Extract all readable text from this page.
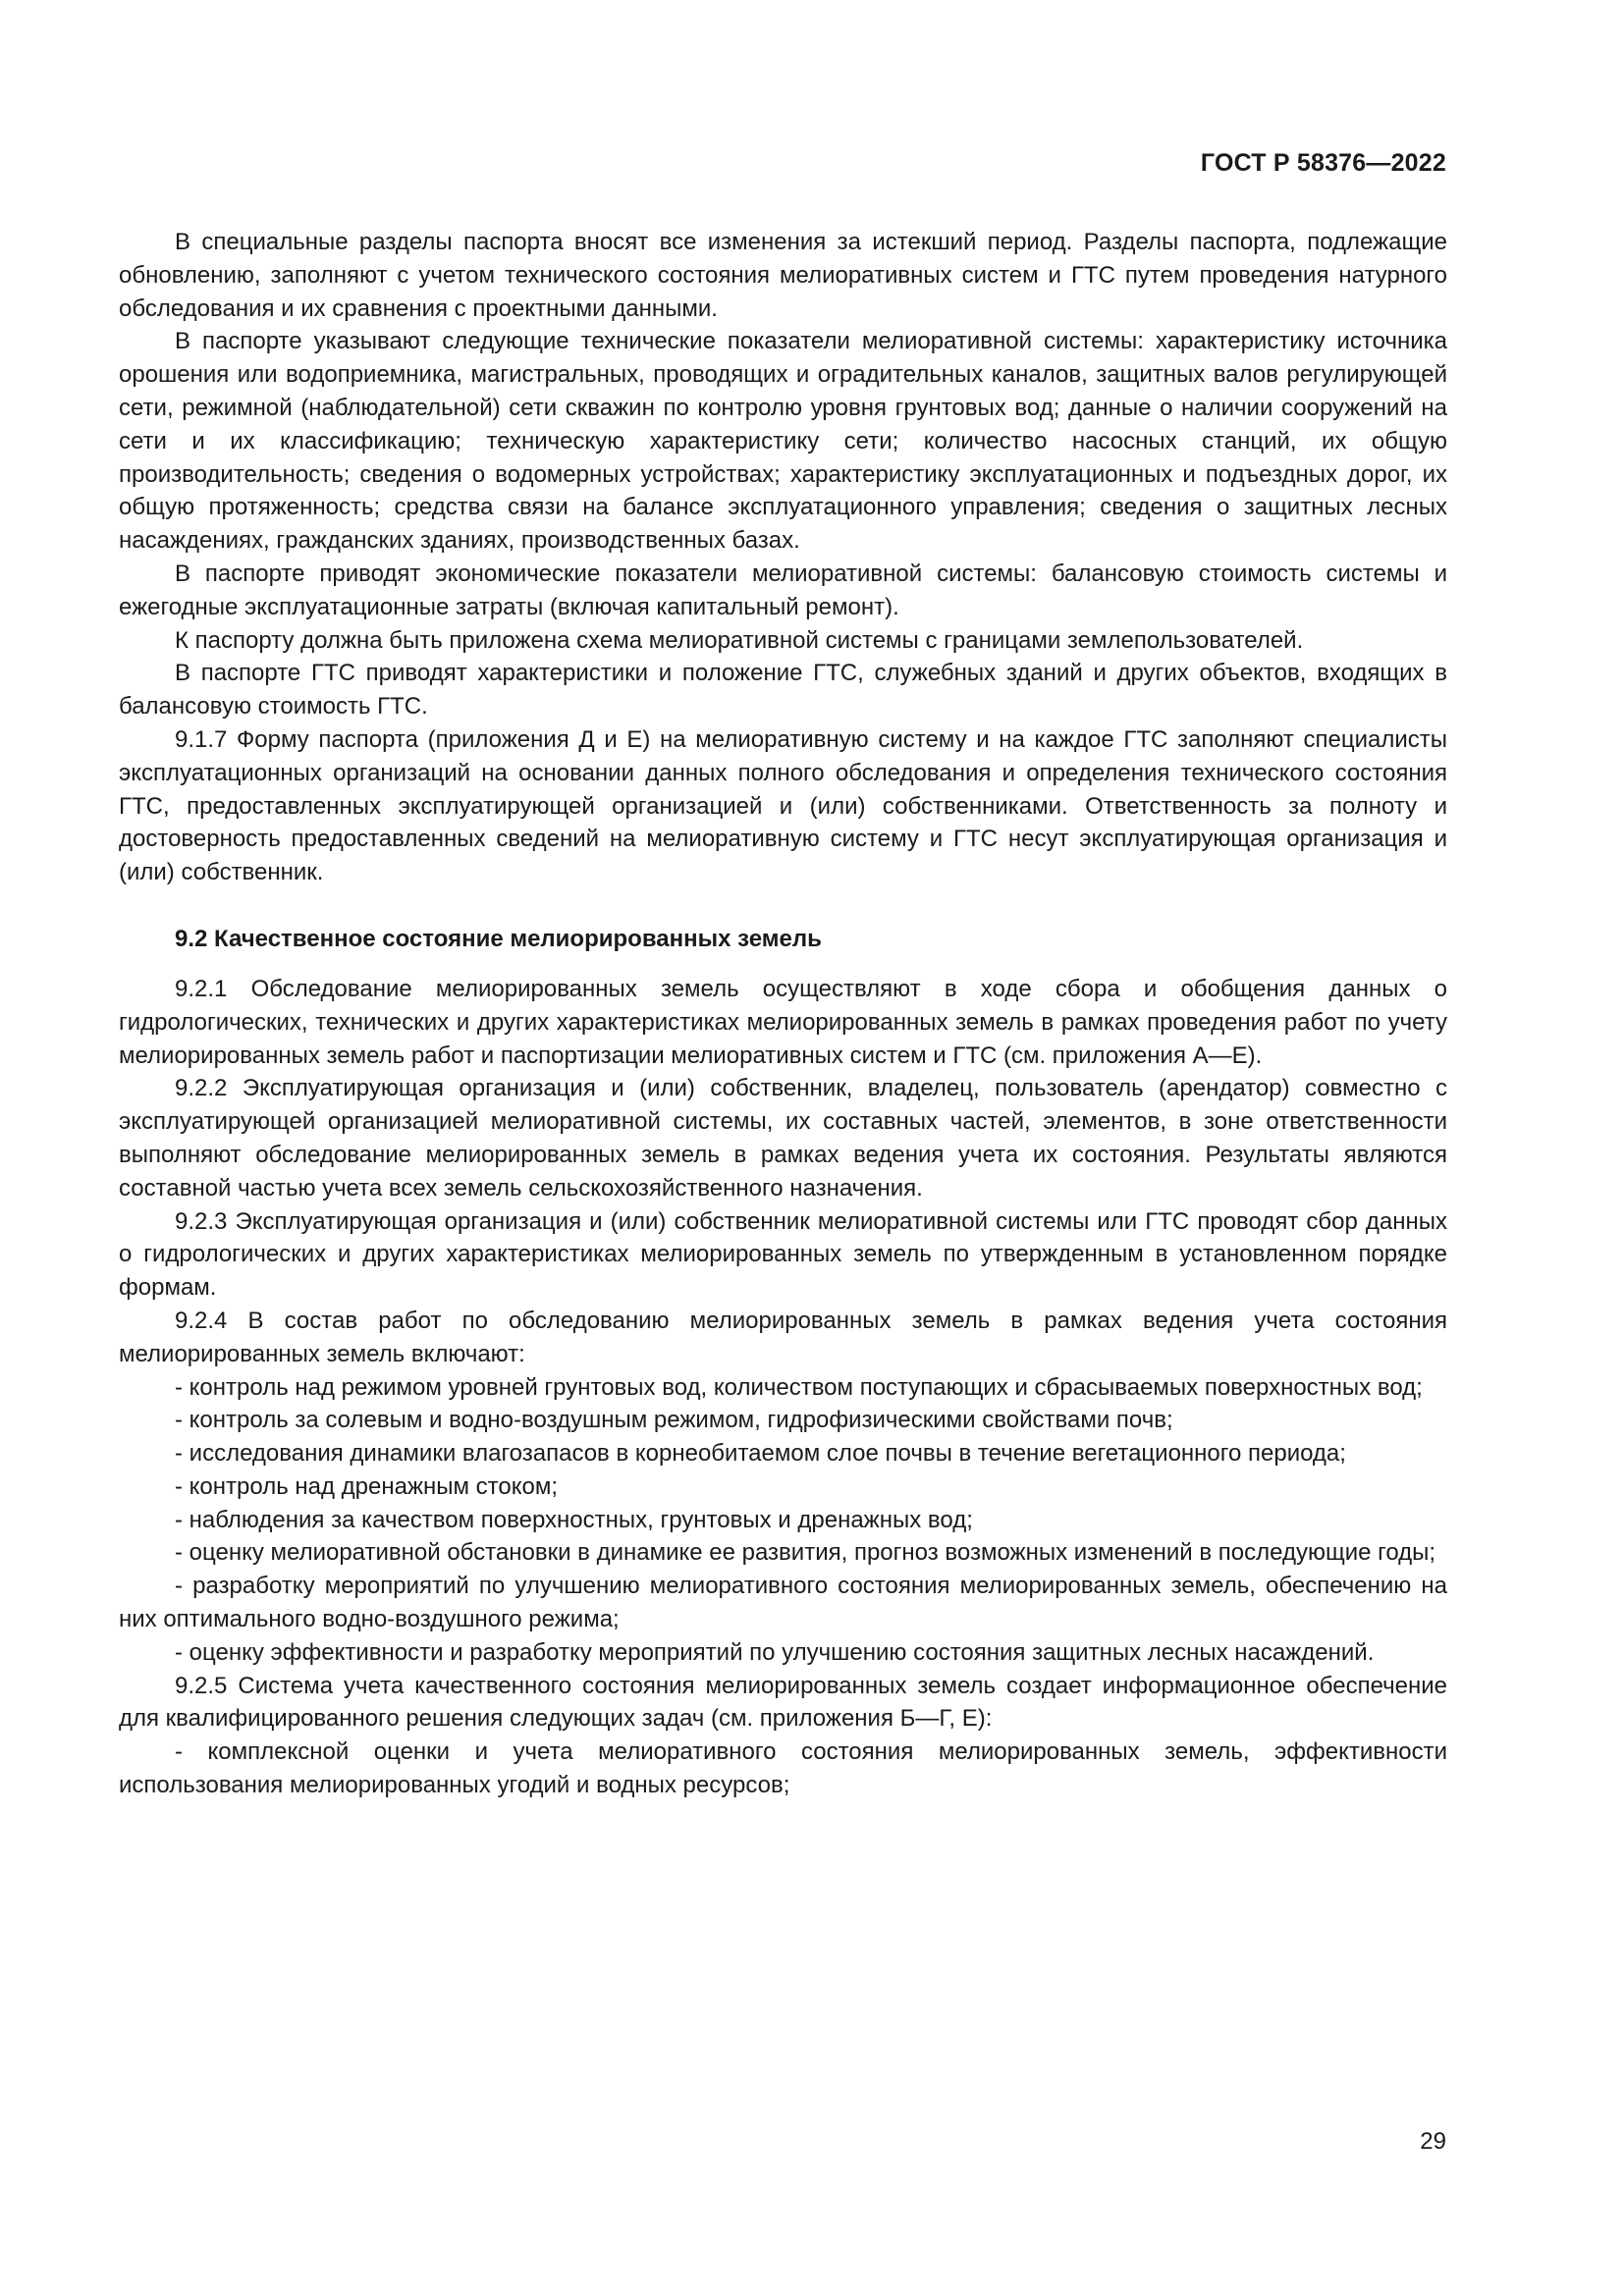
ГОСТ Р 58376—2022

В специальные разделы паспорта вносят все изменения за истекший период. Разделы паспорта, подлежащие обновлению, заполняют с учетом технического состояния мелиоративных систем и ГТС путем проведения натурного обследования и их сравнения с проектными данными.

В паспорте указывают следующие технические показатели мелиоративной системы: характеристику источника орошения или водоприемника, магистральных, проводящих и оградительных каналов, защитных валов регулирующей сети, режимной (наблюдательной) сети скважин по контролю уровня грунтовых вод; данные о наличии сооружений на сети и их классификацию; техническую характеристику сети; количество насосных станций, их общую производительность; сведения о водомерных устройствах; характеристику эксплуатационных и подъездных дорог, их общую протяженность; средства связи на балансе эксплуатационного управления; сведения о защитных лесных насаждениях, гражданских зданиях, производственных базах.

В паспорте приводят экономические показатели мелиоративной системы: балансовую стоимость системы и ежегодные эксплуатационные затраты (включая капитальный ремонт).

К паспорту должна быть приложена схема мелиоративной системы с границами землепользователей.

В паспорте ГТС приводят характеристики и положение ГТС, служебных зданий и других объектов, входящих в балансовую стоимость ГТС.

9.1.7 Форму паспорта (приложения Д и Е) на мелиоративную систему и на каждое ГТС заполняют специалисты эксплуатационных организаций на основании данных полного обследования и определения технического состояния ГТС, предоставленных эксплуатирующей организацией и (или) собственниками. Ответственность за полноту и достоверность предоставленных сведений на мелиоративную систему и ГТС несут эксплуатирующая организация и (или) собственник.

9.2 Качественное состояние мелиорированных земель

9.2.1 Обследование мелиорированных земель осуществляют в ходе сбора и обобщения данных о гидрологических, технических и других характеристиках мелиорированных земель в рамках проведения работ по учету мелиорированных земель работ и паспортизации мелиоративных систем и ГТС (см. приложения А—Е).

9.2.2 Эксплуатирующая организация и (или) собственник, владелец, пользователь (арендатор) совместно с эксплуатирующей организацией мелиоративной системы, их составных частей, элементов, в зоне ответственности выполняют обследование мелиорированных земель в рамках ведения учета их состояния. Результаты являются составной частью учета всех земель сельскохозяйственного назначения.

9.2.3 Эксплуатирующая организация и (или) собственник мелиоративной системы или ГТС проводят сбор данных о гидрологических и других характеристиках мелиорированных земель по утвержденным в установленном порядке формам.

9.2.4 В состав работ по обследованию мелиорированных земель в рамках ведения учета состояния мелиорированных земель включают:

- контроль над режимом уровней грунтовых вод, количеством поступающих и сбрасываемых поверхностных вод;

- контроль за солевым и водно-воздушным режимом, гидрофизическими свойствами почв;

- исследования динамики влагозапасов в корнеобитаемом слое почвы в течение вегетационного периода;

- контроль над дренажным стоком;

- наблюдения за качеством поверхностных, грунтовых и дренажных вод;

- оценку мелиоративной обстановки в динамике ее развития, прогноз возможных изменений в последующие годы;

- разработку мероприятий по улучшению мелиоративного состояния мелиорированных земель, обеспечению на них оптимального водно-воздушного режима;

- оценку эффективности и разработку мероприятий по улучшению состояния защитных лесных насаждений.

9.2.5 Система учета качественного состояния мелиорированных земель создает информационное обеспечение для квалифицированного решения следующих задач (см. приложения Б—Г, Е):

- комплексной оценки и учета мелиоративного состояния мелиорированных земель, эффективности использования мелиорированных угодий и водных ресурсов;

29
